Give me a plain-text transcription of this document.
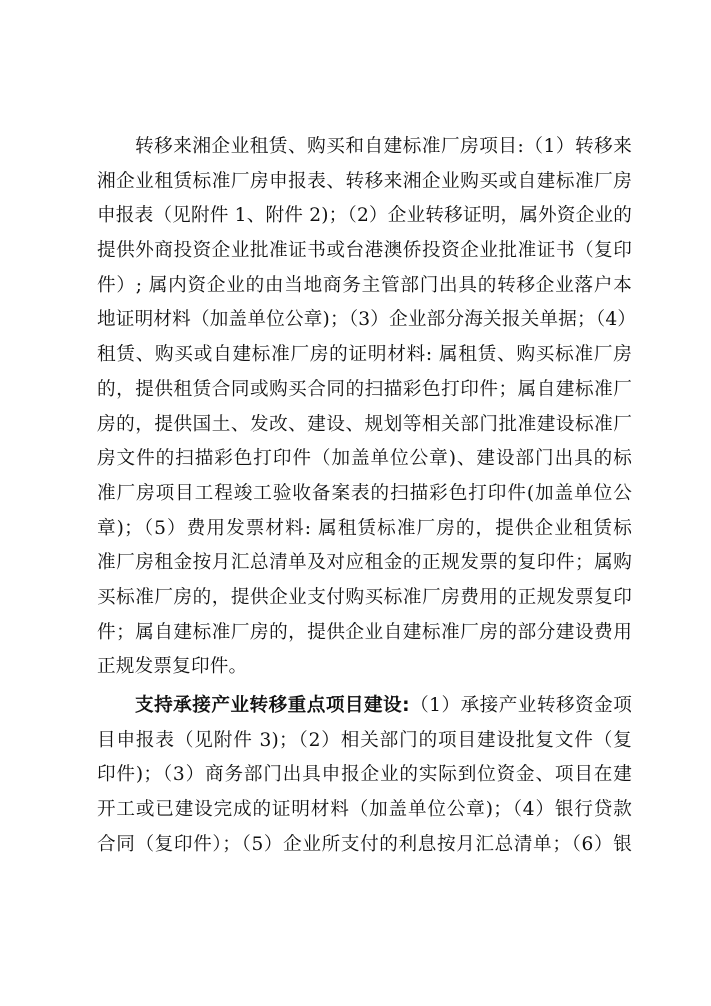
转移来湘企业租赁、购买和自建标准厂房项目:（1）转移来
湘企业租赁标准厂房申报表、转移来湘企业购买或自建标准厂房
申报表（见附件 1、附件 2)；（2）企业转移证明，属外资企业的
提供外商投资企业批准证书或台港澳侨投资企业批准证书（复印
件）; 属内资企业的由当地商务主管部门出具的转移企业落户本
地证明材料（加盖单位公章)；（3）企业部分海关报关单据；（4）
租赁、购买或自建标准厂房的证明材料: 属租赁、购买标准厂房
的，提供租赁合同或购买合同的扫描彩色打印件；属自建标准厂
房的，提供国土、发改、建设、规划等相关部门批准建设标准厂
房文件的扫描彩色打印件（加盖单位公章)、建设部门出具的标
准厂房项目工程竣工验收备案表的扫描彩色打印件(加盖单位公
章)；（5）费用发票材料: 属租赁标准厂房的，提供企业租赁标
准厂房租金按月汇总清单及对应租金的正规发票的复印件；属购
买标准厂房的，提供企业支付购买标准厂房费用的正规发票复印
件；属自建标准厂房的，提供企业自建标准厂房的部分建设费用
正规发票复印件。
支持承接产业转移重点项目建设:（1）承接产业转移资金项
目申报表（见附件 3)；（2）相关部门的项目建设批复文件（复
印件)；（3）商务部门出具申报企业的实际到位资金、项目在建
开工或已建设完成的证明材料（加盖单位公章)；（4）银行贷款
合同（复印件）；（5）企业所支付的利息按月汇总清单；（6）银
